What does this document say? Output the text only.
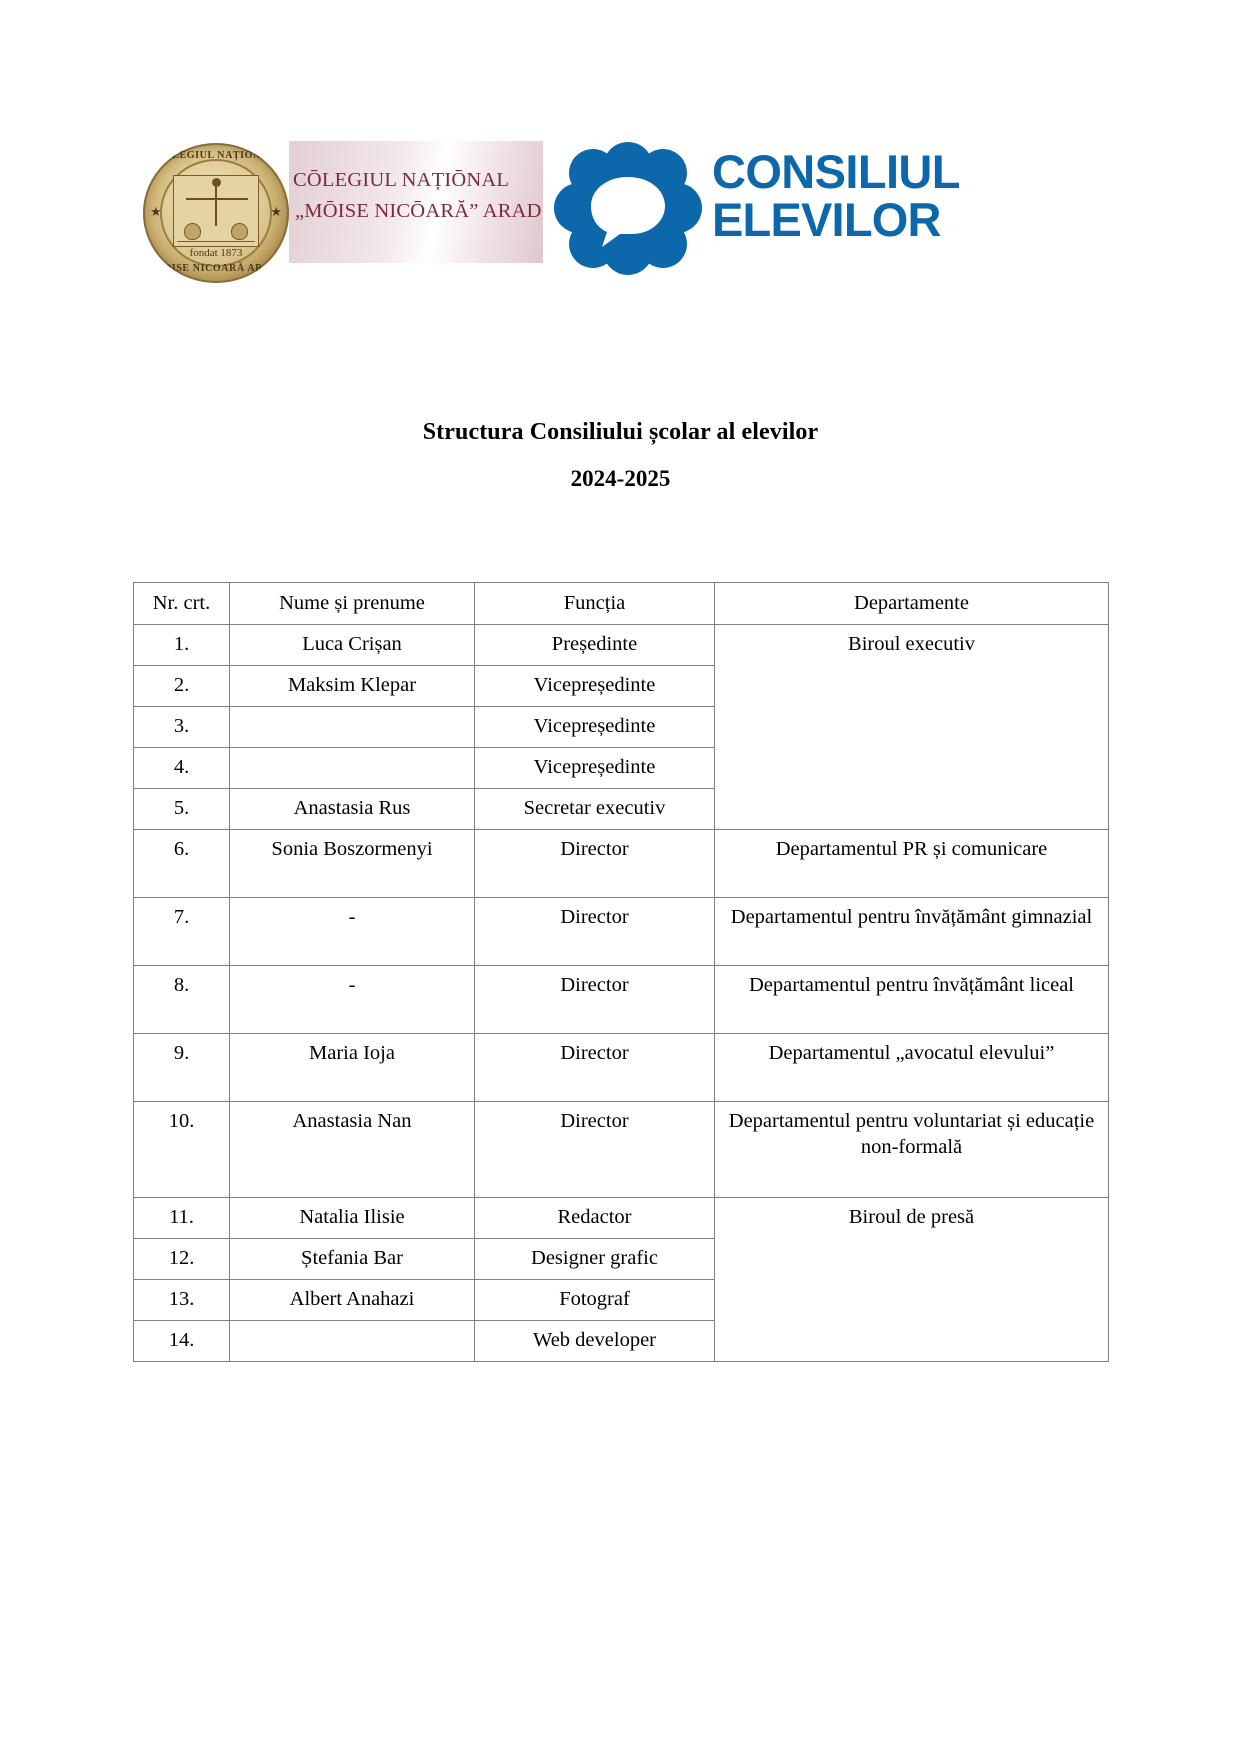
COLEGIUL NAȚIONAL
★	★
fondat 1873
MOISE NICOARĂ ARAD
CŌLEGIUL NAȚIŌNAL
„MŌISE NICŌARĂ” ARAD
CONSILIUL
ELEVILOR
Structura Consiliului școlar al elevilor
2024-2025
Nr. crt.	Nume și prenume	Funcția	Departamente
1.	Luca Crișan	Președinte	Biroul executiv
2.	Maksim Klepar	Vicepreședinte	
3.		Vicepreședinte	
4.		Vicepreședinte	
5.	Anastasia Rus	Secretar executiv	
6.	Sonia Boszormenyi	Director	Departamentul PR și comunicare
7.	-	Director	Departamentul pentru învățământ gimnazial
8.	-	Director	Departamentul pentru învățământ liceal
9.	Maria Ioja	Director	Departamentul „avocatul elevului”
10.	Anastasia Nan	Director	Departamentul pentru voluntariat și educație non-formală
11.	Natalia Ilisie	Redactor	Biroul de presă
12.	Ștefania Bar	Designer grafic	
13.	Albert Anahazi	Fotograf	
14.		Web developer	
